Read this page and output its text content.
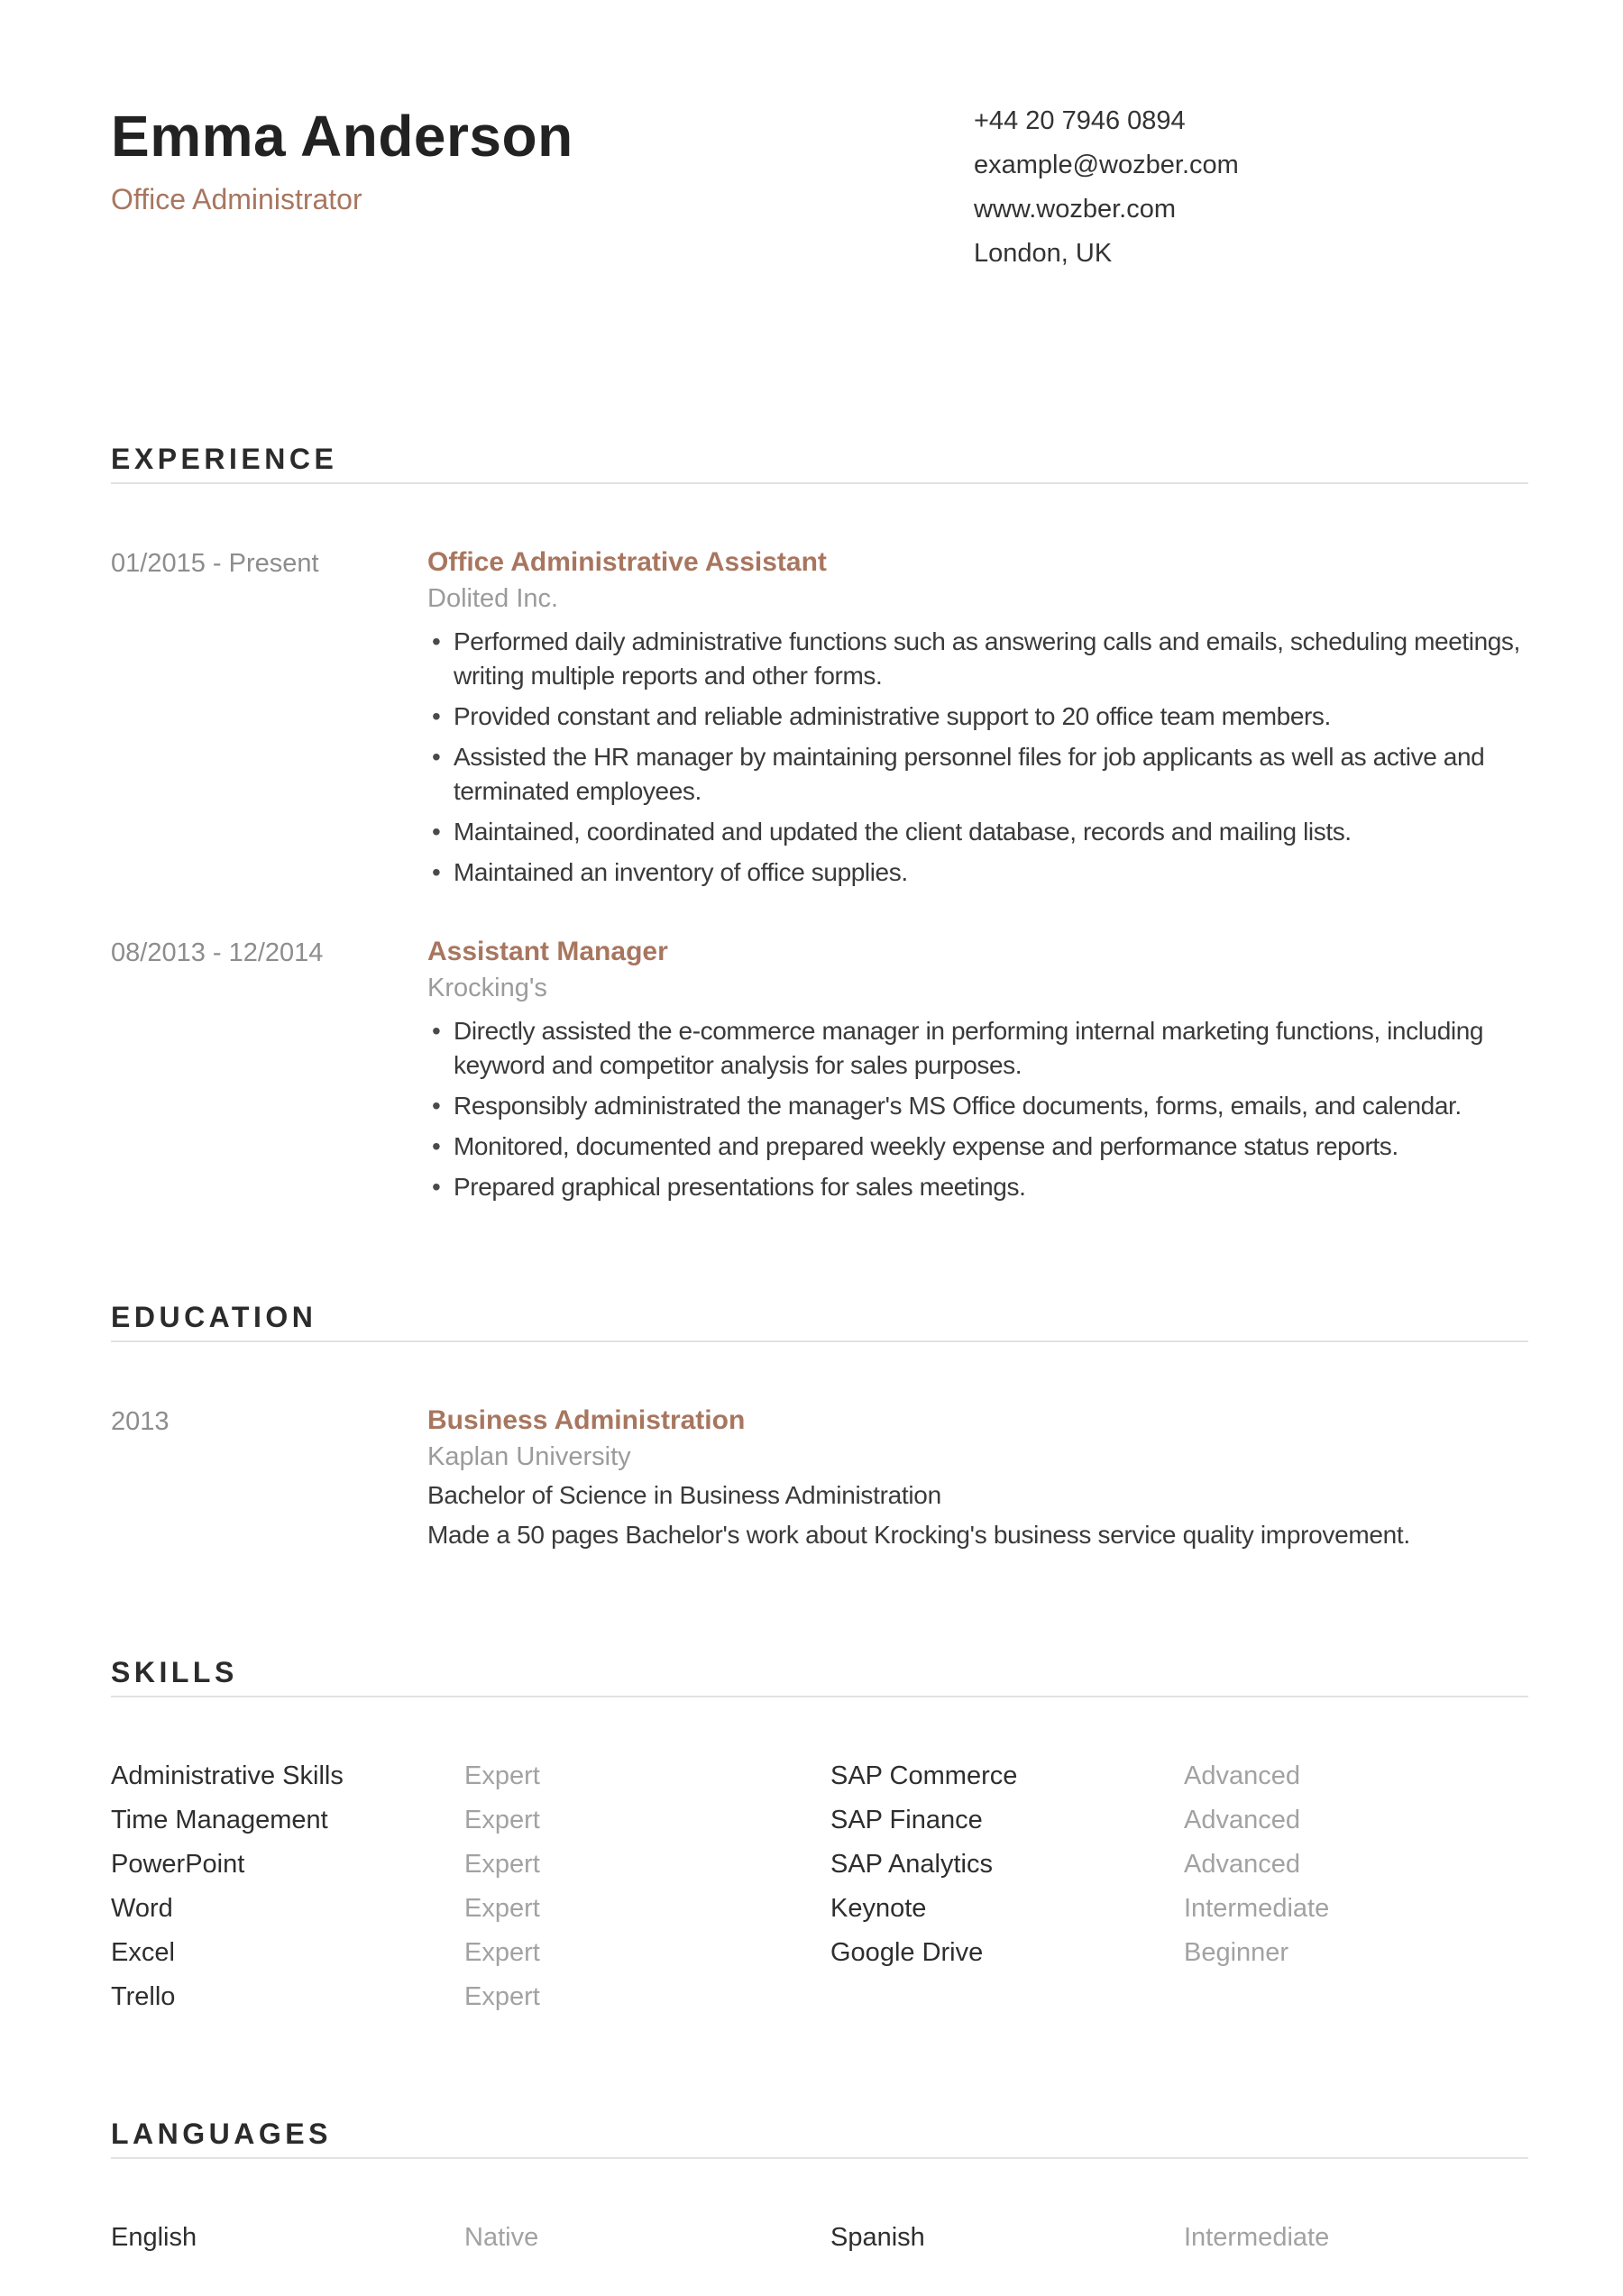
Emma Anderson
Office Administrator
+44 20 7946 0894
example@wozber.com
www.wozber.com
London, UK
EXPERIENCE
01/2015 - Present	Office Administrative Assistant
Dolited Inc.
• Performed daily administrative functions such as answering calls and emails, scheduling meetings, writing multiple reports and other forms.
• Provided constant and reliable administrative support to 20 office team members.
• Assisted the HR manager by maintaining personnel files for job applicants as well as active and terminated employees.
• Maintained, coordinated and updated the client database, records and mailing lists.
• Maintained an inventory of office supplies.
08/2013 - 12/2014	Assistant Manager
Krocking's
• Directly assisted the e-commerce manager in performing internal marketing functions, including keyword and competitor analysis for sales purposes.
• Responsibly administrated the manager's MS Office documents, forms, emails, and calendar.
• Monitored, documented and prepared weekly expense and performance status reports.
• Prepared graphical presentations for sales meetings.
EDUCATION
2013	Business Administration
Kaplan University
Bachelor of Science in Business Administration
Made a 50 pages Bachelor's work about Krocking's business service quality improvement.
SKILLS
Administrative Skills	Expert
Time Management	Expert
PowerPoint	Expert
Word	Expert
Excel	Expert
Trello	Expert
SAP Commerce	Advanced
SAP Finance	Advanced
SAP Analytics	Advanced
Keynote	Intermediate
Google Drive	Beginner
LANGUAGES
English	Native	Spanish	Intermediate
